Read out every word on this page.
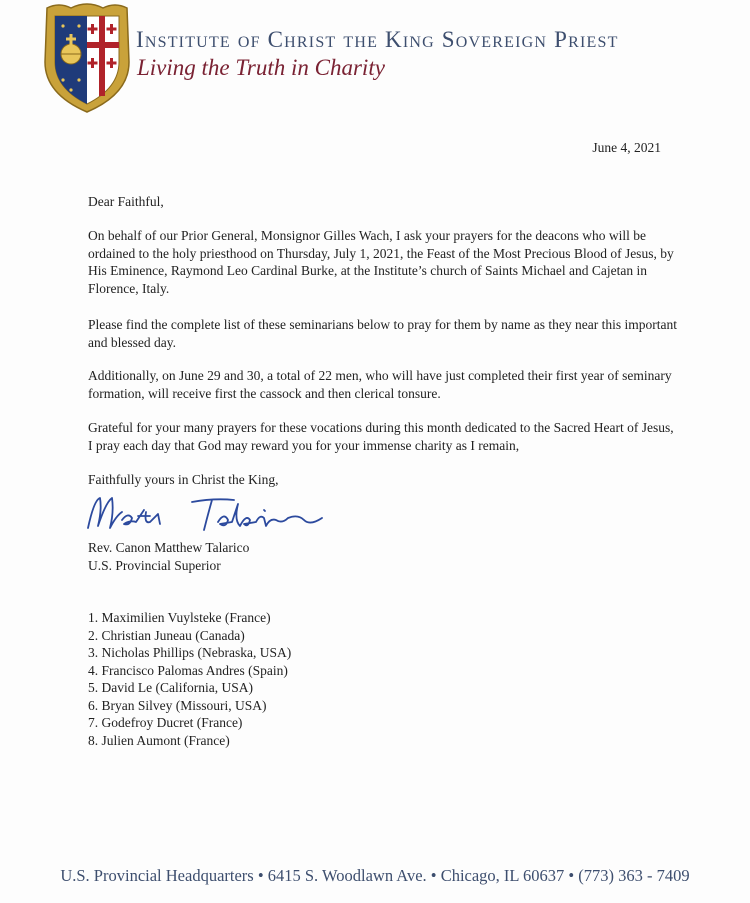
Institute of Christ the King Sovereign Priest
Living the Truth in Charity
June 4, 2021

Dear Faithful,

On behalf of our Prior General, Monsignor Gilles Wach, I ask your prayers for the deacons who will be ordained to the holy priesthood on Thursday, July 1, 2021, the Feast of the Most Precious Blood of Jesus, by His Eminence, Raymond Leo Cardinal Burke, at the Institute’s church of Saints Michael and Cajetan in Florence, Italy.

Please find the complete list of these seminarians below to pray for them by name as they near this important and blessed day.

Additionally, on June 29 and 30, a total of 22 men, who will have just completed their first year of seminary formation, will receive first the cassock and then clerical tonsure.

Grateful for your many prayers for these vocations during this month dedicated to the Sacred Heart of Jesus, I pray each day that God may reward you for your immense charity as I remain,

Faithfully yours in Christ the King,

Rev. Canon Matthew Talarico
U.S. Provincial Superior
1. Maximilien Vuylsteke (France)
2. Christian Juneau (Canada)
3. Nicholas Phillips (Nebraska, USA)
4. Francisco Palomas Andres (Spain)
5. David Le (California, USA)
6. Bryan Silvey (Missouri, USA)
7. Godefroy Ducret (France)
8. Julien Aumont (France)
U.S. Provincial Headquarters • 6415 S. Woodlawn Ave. • Chicago, IL 60637 • (773) 363 - 7409
